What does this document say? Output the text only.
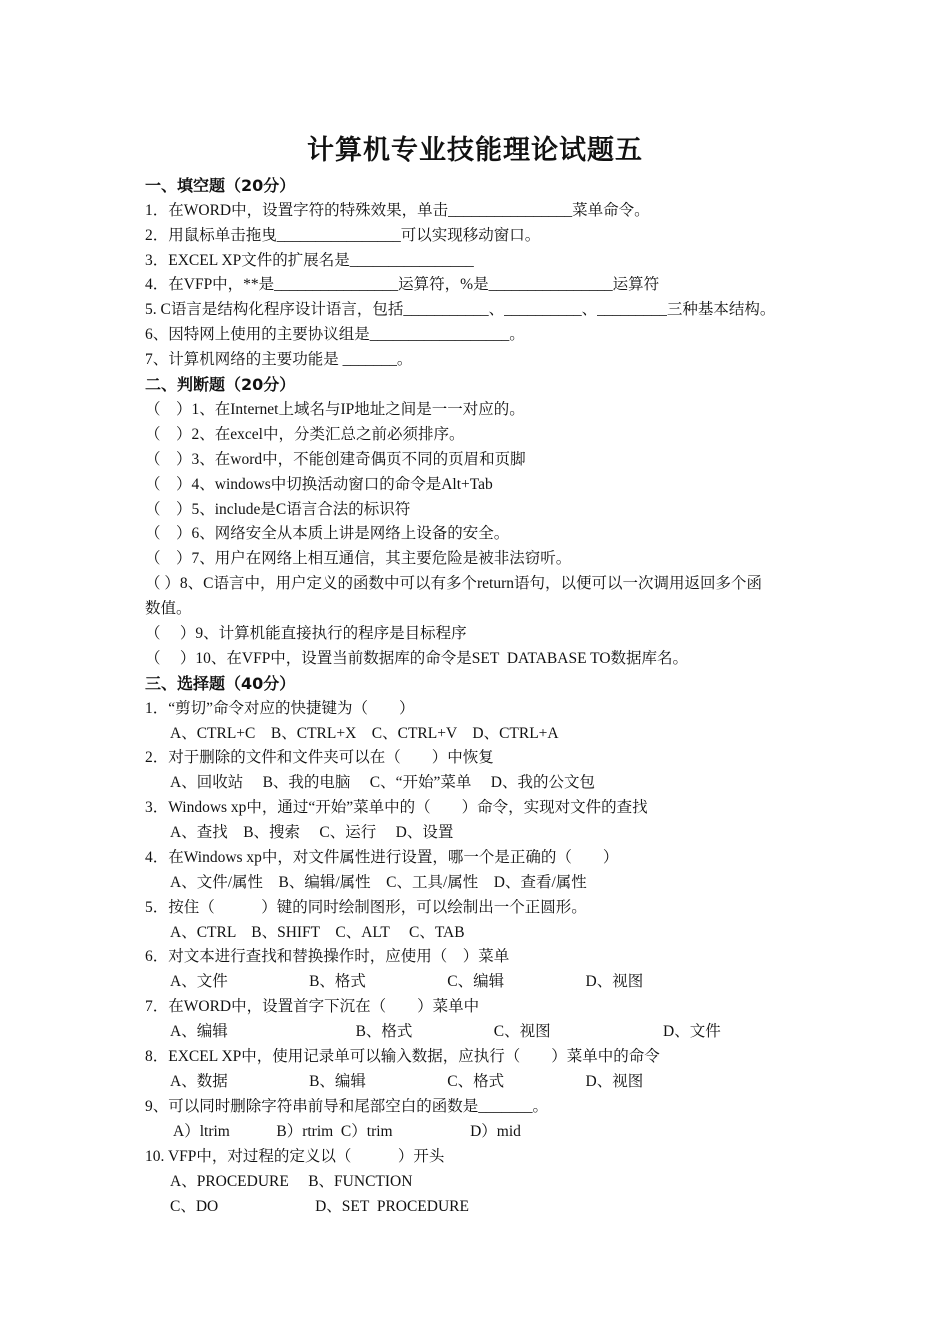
计算机专业技能理论试题五
一、填空题（20分）
1．在WORD中，设置字符的特殊效果，单击________________菜单命令。
2．用鼠标单击拖曳________________可以实现移动窗口。
3．EXCEL XP文件的扩展名是________________
4．在VFP中，**是________________运算符，%是________________运算符
5. C语言是结构化程序设计语言，包括___________、__________、_________三种基本结构。
6、因特网上使用的主要协议组是__________________。
7、计算机网络的主要功能是 _______。
二、判断题（20分）
（　）1、在Internet上域名与IP地址之间是一一对应的。
（　）2、在excel中，分类汇总之前必须排序。
（　）3、在word中，不能创建奇偶页不同的页眉和页脚
（　）4、windows中切换活动窗口的命令是Alt+Tab
（　）5、include是C语言合法的标识符
（　）6、网络安全从本质上讲是网络上设备的安全。
（　）7、用户在网络上相互通信，其主要危险是被非法窃听。
（ ）8、C语言中，用户定义的函数中可以有多个return语句，以便可以一次调用返回多个函
数值。
（　 ）9、计算机能直接执行的程序是目标程序
（　 ）10、在VFP中，设置当前数据库的命令是SET  DATABASE TO数据库名。
三、选择题（40分）
1．“剪切”命令对应的快捷键为（　　）
A、CTRL+C　B、CTRL+X　C、CTRL+V　D、CTRL+A
2．对于删除的文件和文件夹可以在（　　）中恢复
A、回收站　 B、我的电脑　 C、“开始”菜单　 D、我的公文包
3．Windows xp中，通过“开始”菜单中的（　　）命令，实现对文件的查找
A、查找　B、搜索　 C、运行　 D、设置
4．在Windows xp中，对文件属性进行设置，哪一个是正确的（　　）
A、文件/属性　B、编辑/属性　C、工具/属性　D、查看/属性
5．按住（　　　）键的同时绘制图形，可以绘制出一个正圆形。
A、CTRL　B、SHIFT　C、ALT　 C、TAB
6．对文本进行查找和替换操作时，应使用（　）菜单
A、文件　　　　　 B、格式　　　　　 C、编辑　　　　　 D、视图
7．在WORD中，设置首字下沉在（　　）菜单中
A、编辑　　　　　　　　 B、格式　　　　　 C、视图　　　　　　　 D、文件
8．EXCEL XP中，使用记录单可以输入数据，应执行（　　）菜单中的命令
A、数据　　　　　 B、编辑　　　　　 C、格式　　　　　 D、视图
9、可以同时删除字符串前导和尾部空白的函数是_______。
A）ltrim　　　B）rtrim  C）trim　　　　　D）mid
10. VFP中，对过程的定义以（　　　）开头
A、PROCEDURE　 B、FUNCTION
C、DO　　　　　　 D、SET  PROCEDURE
